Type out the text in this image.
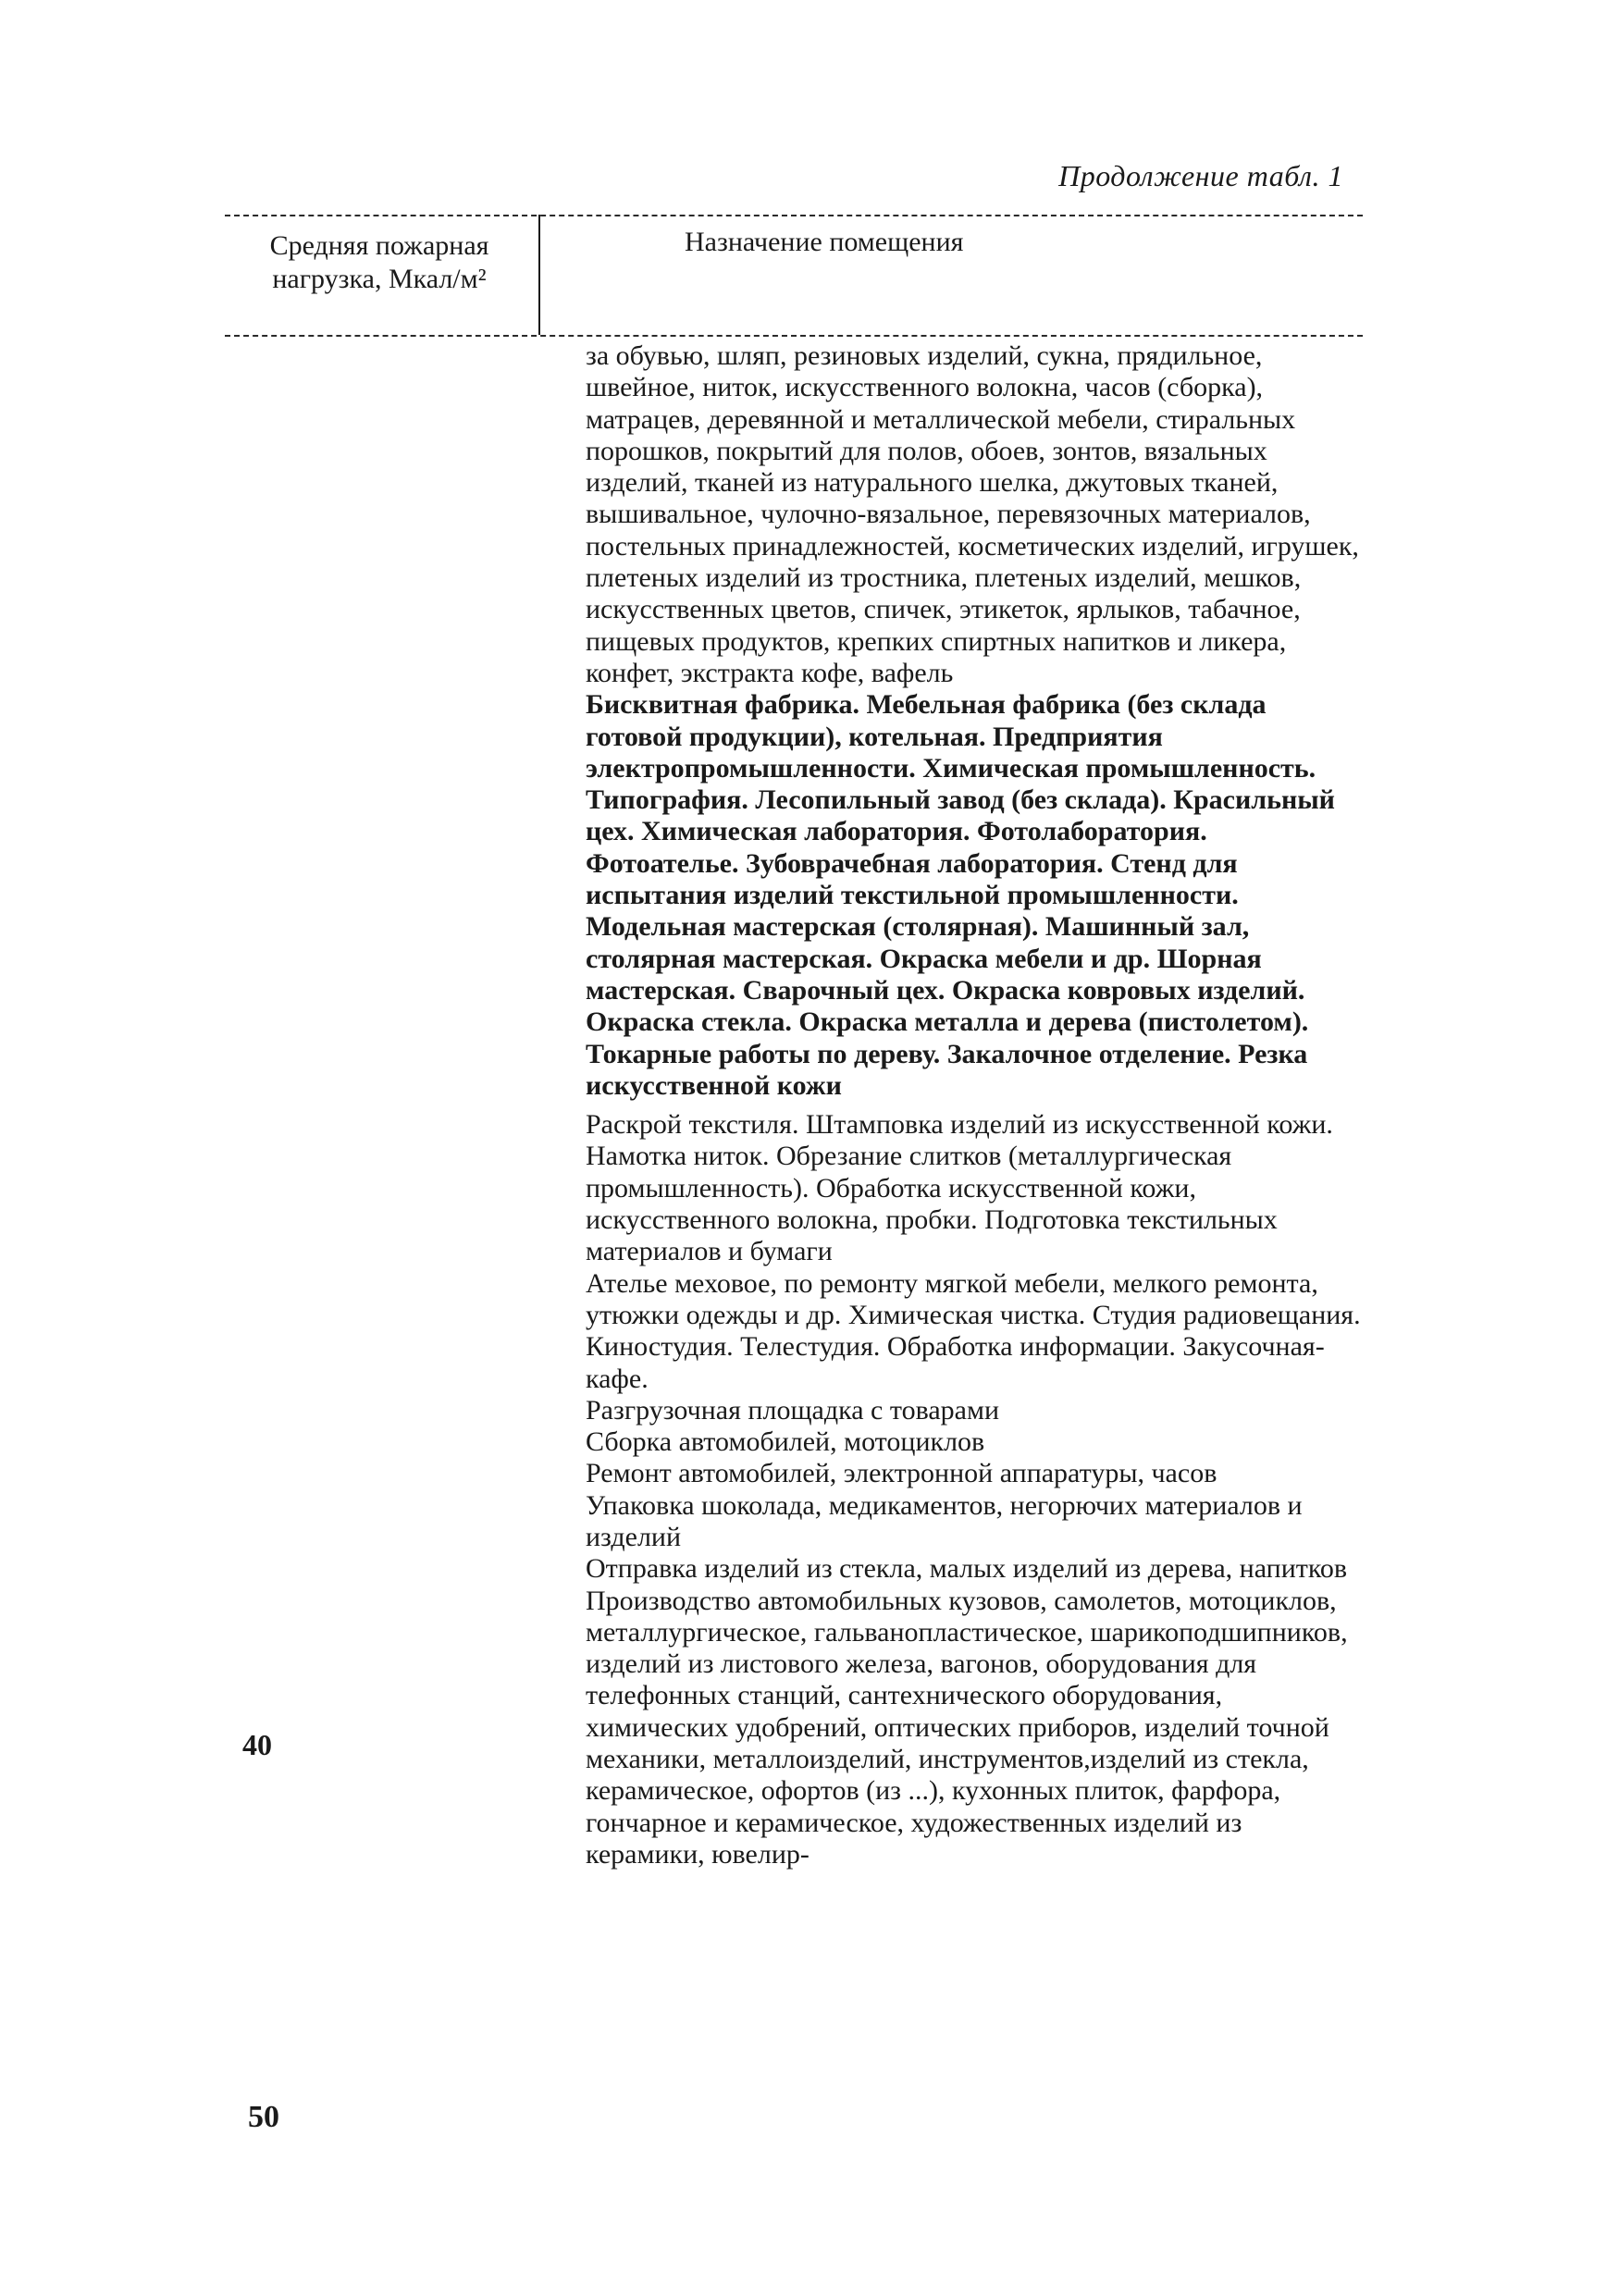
Продолжение табл. 1
Средняя пожарная нагрузка, Мкал/м²
Назначение помещения

за обувью, шляп, резиновых изделий, сукна, прядильное, швейное, ниток, искусственного волокна, часов (сборка), матрацев, деревянной и металлической мебели, стиральных порошков, покрытий для полов, обоев, зонтов, вязальных изделий, тканей из натурального шелка, джутовых тканей, вышивальное, чулочно-вязальное, перевязочных материалов, постельных принадлежностей, косметических изделий, игрушек, плетеных изделий из тростника, плетеных изделий, мешков, искусственных цветов, спичек, этикеток, ярлыков, табачное, пищевых продуктов, крепких спиртных напитков и ликера, конфет, экстракта кофе, вафель

Бисквитная фабрика. Мебельная фабрика (без склада готовой продукции), котельная. Предприятия электропромышленности. Химическая промышленность. Типография. Лесопильный завод (без склада). Красильный цех. Химическая лаборатория. Фотолаборатория. Фотоателье. Зубоврачебная лаборатория. Стенд для испытания изделий текстильной промышленности. Модельная мастерская (столярная). Машинный зал, столярная мастерская. Окраска мебели и др. Шорная мастерская. Сварочный цех. Окраска ковровых изделий. Окраска стекла. Окраска металла и дерева (пистолетом). Токарные работы по дереву. Закалочное отделение. Резка искусственной кожи

Раскрой текстиля. Штамповка изделий из искусственной кожи. Намотка ниток. Обрезание слитков (металлургическая промышленность). Обработка искусственной кожи, искусственного волокна, пробки. Подготовка текстильных материалов и бумаги

Ателье меховое, по ремонту мягкой мебели, мелкого ремонта, утюжки одежды и др. Химическая чистка. Студия радиовещания. Киностудия. Телестудия. Обработка информации. Закусочная-кафе.

Разгрузочная площадка с товарами

Сборка автомобилей, мотоциклов

Ремонт автомобилей, электронной аппаратуры, часов

Упаковка шоколада, медикаментов, негорючих материалов и изделий

Отправка изделий из стекла, малых изделий из дерева, напитков

Производство автомобильных кузовов, самолетов, мотоциклов, металлургическое, гальванопластическое, шарикоподшипников, изделий из листового железа, вагонов, оборудования для телефонных станций, сантехнического оборудования, химических удобрений, оптических приборов, изделий точной механики, металлоизделий, инструментов,изделий из стекла, керамическое, офортов (из ...), кухонных плиток, фарфора, гончарное и керамическое, художественных изделий из керамики, ювелир-

40
50
